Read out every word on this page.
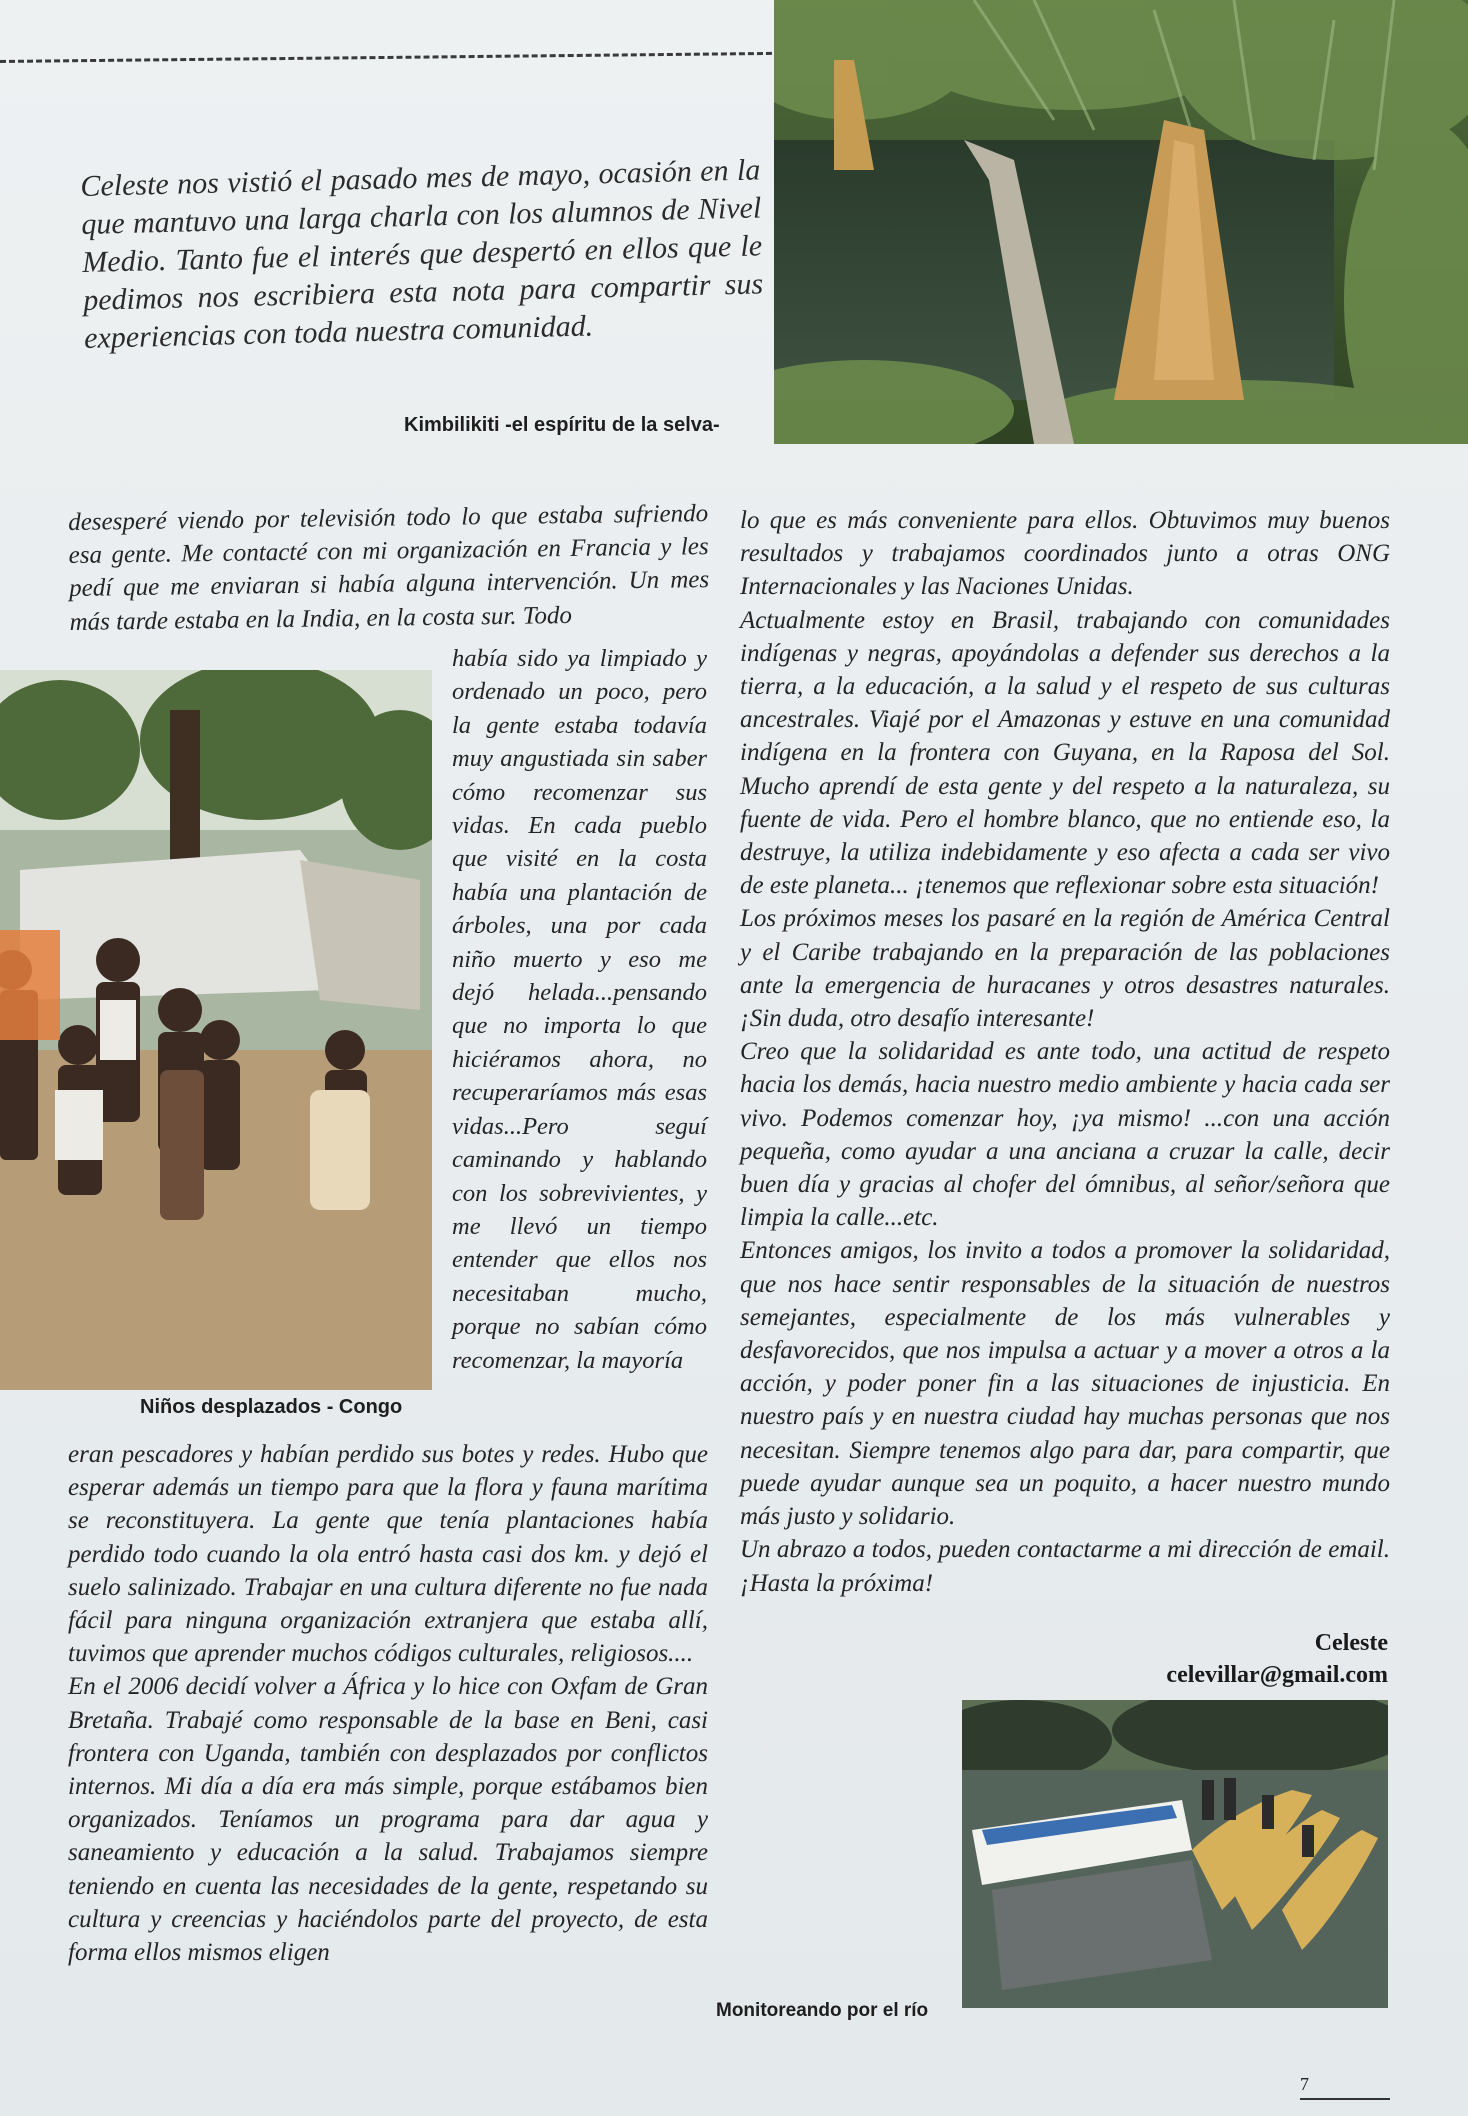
Celeste nos vistió el pasado mes de mayo, ocasión en la que mantuvo una larga charla con los alumnos de Nivel Medio. Tanto fue el interés que despertó en ellos que le pedimos nos escribiera esta nota para compartir sus experiencias con toda nuestra comunidad.
Kimbilikiti -el espíritu de la selva-
desesperé viendo por televisión todo lo que estaba sufriendo esa gente. Me contacté con mi organización en Francia y les pedí que me enviaran si había alguna intervención. Un mes más tarde estaba en la India, en la costa sur. Todo
Niños desplazados - Congo
había sido ya limpiado y ordenado un poco, pero la gente estaba todavía muy angustiada sin saber cómo recomenzar sus vidas. En cada pueblo que visité en la costa había una plantación de árboles, una por cada niño muerto y eso me dejó helada...pensando que no importa lo que hiciéramos ahora, no recuperaríamos más esas vidas...Pero seguí caminando y hablando con los sobrevivientes, y me llevó un tiempo entender que ellos nos necesitaban mucho, porque no sabían cómo recomenzar, la mayoría

eran pescadores y habían perdido sus botes y redes. Hubo que esperar además un tiempo para que la flora y fauna marítima se reconstituyera. La gente que tenía plantaciones había perdido todo cuando la ola entró hasta casi dos km. y dejó el suelo salinizado. Trabajar en una cultura diferente no fue nada fácil para ninguna organización extranjera que estaba allí, tuvimos que aprender muchos códigos culturales, religiosos....

En el 2006 decidí volver a África y lo hice con Oxfam de Gran Bretaña. Trabajé como responsable de la base en Beni, casi frontera con Uganda, también con desplazados por conflictos internos. Mi día a día era más simple, porque estábamos bien organizados. Teníamos un programa para dar agua y saneamiento y educación a la salud. Trabajamos siempre teniendo en cuenta las necesidades de la gente, respetando su cultura y creencias y haciéndolos parte del proyecto, de esta forma ellos mismos eligen

lo que es más conveniente para ellos. Obtuvimos muy buenos resultados y trabajamos coordinados junto a otras ONG Internacionales y las Naciones Unidas.

Actualmente estoy en Brasil, trabajando con comunidades indígenas y negras, apoyándolas a defender sus derechos a la tierra, a la educación, a la salud y el respeto de sus culturas ancestrales. Viajé por el Amazonas y estuve en una comunidad indígena en la frontera con Guyana, en la Raposa del Sol. Mucho aprendí de esta gente y del respeto a la naturaleza, su fuente de vida. Pero el hombre blanco, que no entiende eso, la destruye, la utiliza indebidamente y eso afecta a cada ser vivo de este planeta... ¡tenemos que reflexionar sobre esta situación!

Los próximos meses los pasaré en la región de América Central y el Caribe trabajando en la preparación de las poblaciones ante la emergencia de huracanes y otros desastres naturales. ¡Sin duda, otro desafío interesante!

Creo que la solidaridad es ante todo, una actitud de respeto hacia los demás, hacia nuestro medio ambiente y hacia cada ser vivo. Podemos comenzar hoy, ¡ya mismo! ...con una acción pequeña, como ayudar a una anciana a cruzar la calle, decir buen día y gracias al chofer del ómnibus, al señor/señora que limpia la calle...etc.

Entonces amigos, los invito a todos a promover la solidaridad, que nos hace sentir responsables de la situación de nuestros semejantes, especialmente de los más vulnerables y desfavorecidos, que nos impulsa a actuar y a mover a otros a la acción, y poder poner fin a las situaciones de injusticia. En nuestro país y en nuestra ciudad hay muchas personas que nos necesitan. Siempre tenemos algo para dar, para compartir, que puede ayudar aunque sea un poquito, a hacer nuestro mundo más justo y solidario.

Un abrazo a todos, pueden contactarme a mi dirección de email. ¡Hasta la próxima!

Celeste
celevillar@gmail.com
Monitoreando por el río
7
